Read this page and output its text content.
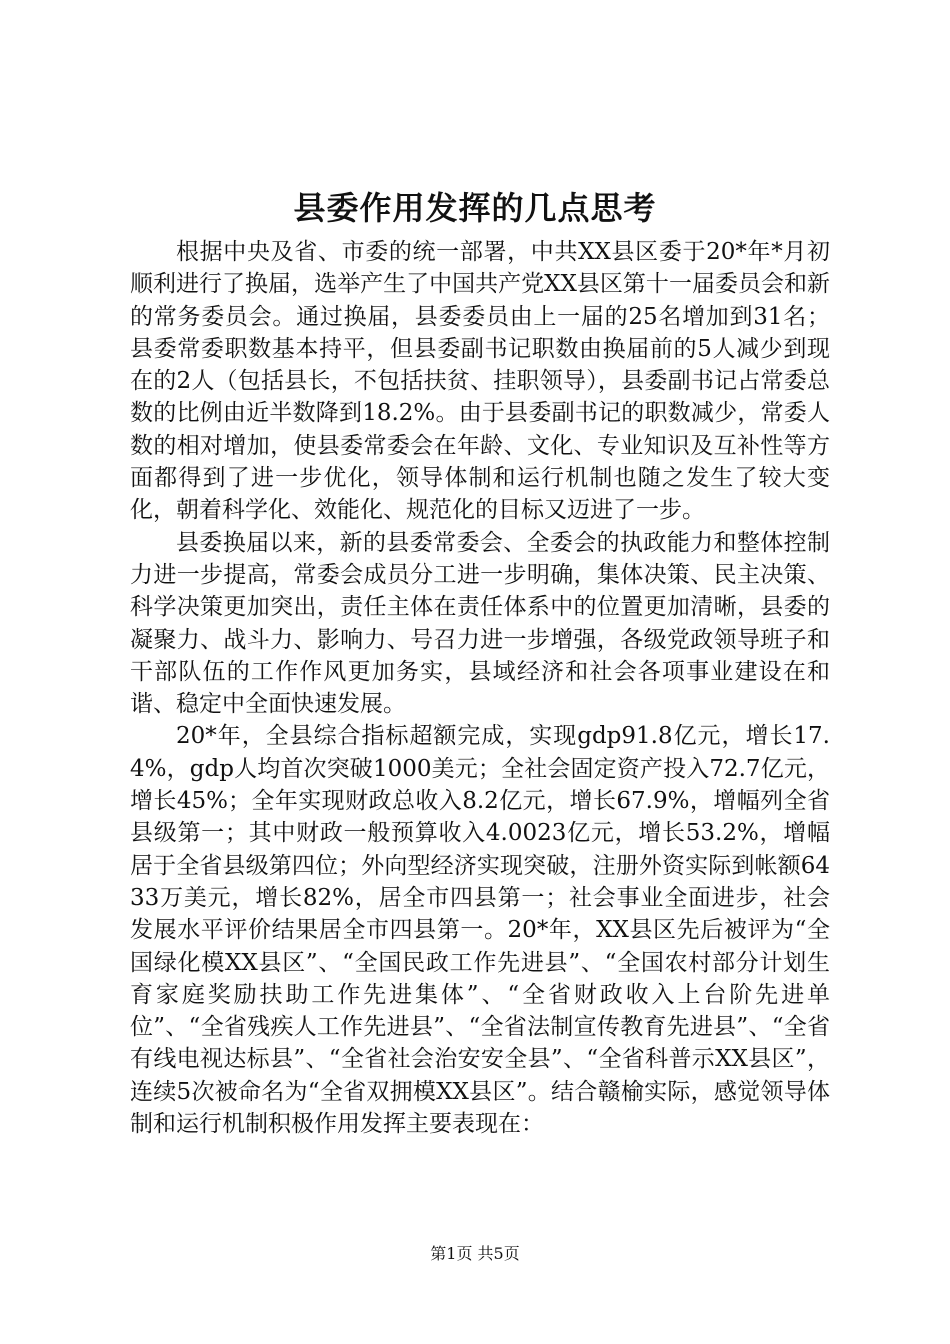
县委作用发挥的几点思考

根据中央及省、市委的统一部署，中共XX县区委于20*年*月初顺利进行了换届，选举产生了中国共产党XX县区第十一届委员会和新的常务委员会。通过换届，县委委员由上一届的25名增加到31名；县委常委职数基本持平，但县委副书记职数由换届前的5人减少到现在的2人（包括县长，不包括扶贫、挂职领导），县委副书记占常委总数的比例由近半数降到18.2%。由于县委副书记的职数减少，常委人数的相对增加，使县委常委会在年龄、文化、专业知识及互补性等方面都得到了进一步优化，领导体制和运行机制也随之发生了较大变化，朝着科学化、效能化、规范化的目标又迈进了一步。

县委换届以来，新的县委常委会、全委会的执政能力和整体控制力进一步提高，常委会成员分工进一步明确，集体决策、民主决策、科学决策更加突出，责任主体在责任体系中的位置更加清晰，县委的凝聚力、战斗力、影响力、号召力进一步增强，各级党政领导班子和干部队伍的工作作风更加务实，县域经济和社会各项事业建设在和谐、稳定中全面快速发展。

20*年，全县综合指标超额完成，实现gdp91.8亿元，增长17.4%，gdp人均首次突破1000美元；全社会固定资产投入72.7亿元，增长45%；全年实现财政总收入8.2亿元，增长67.9%，增幅列全省县级第一；其中财政一般预算收入4.0023亿元，增长53.2%，增幅居于全省县级第四位；外向型经济实现突破，注册外资实际到帐额6433万美元，增长82%，居全市四县第一；社会事业全面进步，社会发展水平评价结果居全市四县第一。20*年，XX县区先后被评为“全国绿化模XX县区”、“全国民政工作先进县”、“全国农村部分计划生育家庭奖励扶助工作先进集体”、“全省财政收入上台阶先进单位”、“全省残疾人工作先进县”、“全省法制宣传教育先进县”、“全省有线电视达标县”、“全省社会治安安全县”、“全省科普示XX县区”，连续5次被命名为“全省双拥模XX县区”。结合赣榆实际，感觉领导体制和运行机制积极作用发挥主要表现在：

第1页 共5页
